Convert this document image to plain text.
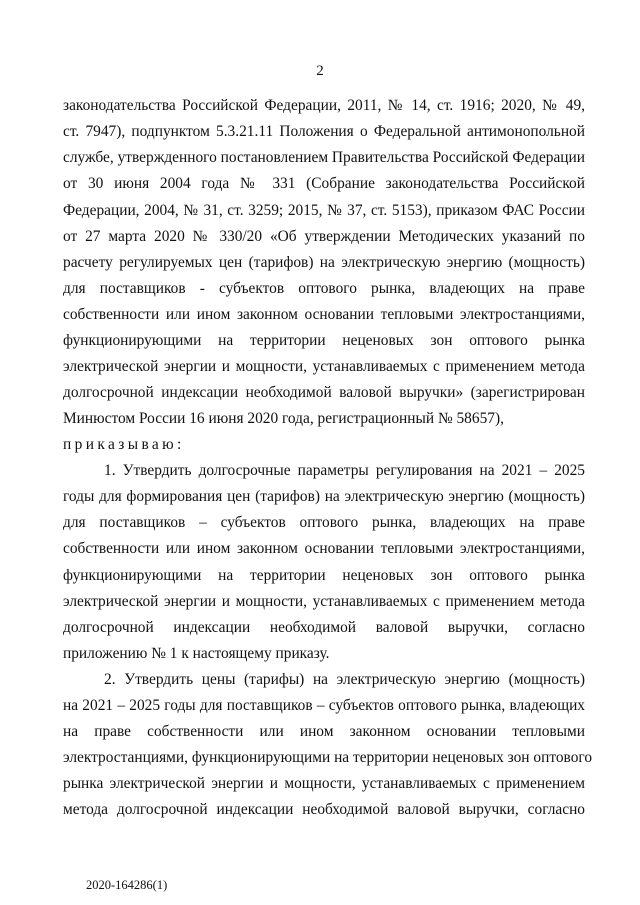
2
законодательства Российской Федерации, 2011, № 14, ст. 1916; 2020, № 49,
ст. 7947), подпунктом 5.3.21.11 Положения о Федеральной антимонопольной
службе, утвержденного постановлением Правительства Российской Федерации
от 30 июня 2004 года № 331 (Собрание законодательства Российской
Федерации, 2004, № 31, ст. 3259; 2015, № 37, ст. 5153), приказом ФАС России
от 27 марта 2020 № 330/20 «Об утверждении Методических указаний по
расчету регулируемых цен (тарифов) на электрическую энергию (мощность)
для поставщиков - субъектов оптового рынка, владеющих на праве
собственности или ином законном основании тепловыми электростанциями,
функционирующими на территории неценовых зон оптового рынка
электрической энергии и мощности, устанавливаемых с применением метода
долгосрочной индексации необходимой валовой выручки» (зарегистрирован
Минюстом России 16 июня 2020 года, регистрационный № 58657),
приказываю:
1. Утвердить долгосрочные параметры регулирования на 2021 – 2025
годы для формирования цен (тарифов) на электрическую энергию (мощность)
для поставщиков – субъектов оптового рынка, владеющих на праве
собственности или ином законном основании тепловыми электростанциями,
функционирующими на территории неценовых зон оптового рынка
электрической энергии и мощности, устанавливаемых с применением метода
долгосрочной индексации необходимой валовой выручки, согласно
приложению № 1 к настоящему приказу.
2. Утвердить цены (тарифы) на электрическую энергию (мощность)
на 2021 – 2025 годы для поставщиков – субъектов оптового рынка, владеющих
на праве собственности или ином законном основании тепловыми
электростанциями, функционирующими на территории неценовых зон оптового
рынка электрической энергии и мощности, устанавливаемых с применением
метода долгосрочной индексации необходимой валовой выручки, согласно
2020-164286(1)
